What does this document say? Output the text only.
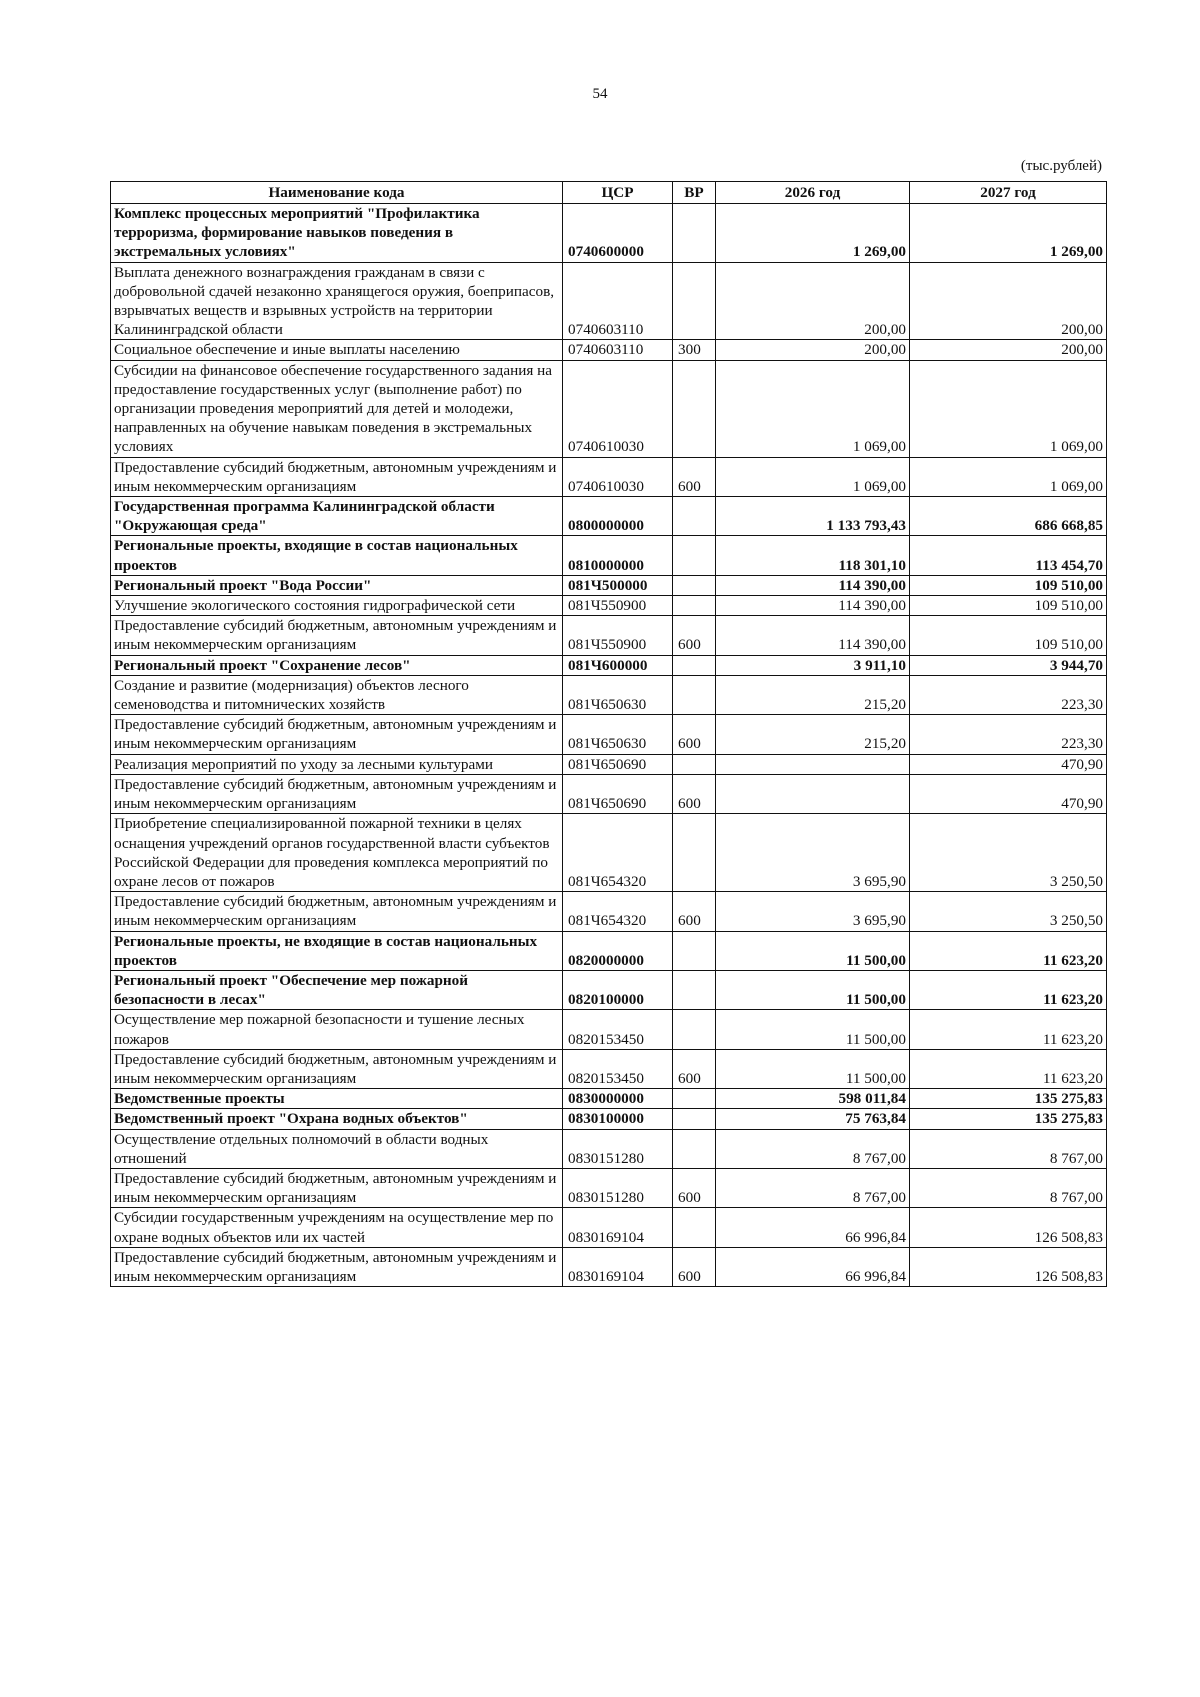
54
(тыс.рублей)
Наименование кода	ЦСР	ВР	2026 год	2027 год
Комплекс процессных мероприятий "Профилактика терроризма, формирование навыков поведения в экстремальных условиях"	0740600000		1 269,00	1 269,00
Выплата денежного вознаграждения гражданам в связи с добровольной сдачей незаконно хранящегося оружия, боеприпасов, взрывчатых веществ и взрывных устройств на территории Калининградской области	0740603110		200,00	200,00
Социальное обеспечение и иные выплаты населению	0740603110	300	200,00	200,00
Субсидии на финансовое обеспечение государственного задания на предоставление государственных услуг (выполнение работ) по организации проведения мероприятий для детей и молодежи, направленных на обучение навыкам поведения в экстремальных условиях	0740610030		1 069,00	1 069,00
Предоставление субсидий бюджетным, автономным учреждениям и иным некоммерческим организациям	0740610030	600	1 069,00	1 069,00
Государственная программа Калининградской области "Окружающая среда"	0800000000		1 133 793,43	686 668,85
Региональные проекты, входящие в состав национальных проектов	0810000000		118 301,10	113 454,70
Региональный проект "Вода России"	081Ч500000		114 390,00	109 510,00
Улучшение экологического состояния гидрографической сети	081Ч550900		114 390,00	109 510,00
Предоставление субсидий бюджетным, автономным учреждениям и иным некоммерческим организациям	081Ч550900	600	114 390,00	109 510,00
Региональный проект "Сохранение лесов"	081Ч600000		3 911,10	3 944,70
Создание и развитие (модернизация) объектов лесного семеноводства и питомнических хозяйств	081Ч650630		215,20	223,30
Предоставление субсидий бюджетным, автономным учреждениям и иным некоммерческим организациям	081Ч650630	600	215,20	223,30
Реализация мероприятий по уходу за лесными культурами	081Ч650690			470,90
Предоставление субсидий бюджетным, автономным учреждениям и иным некоммерческим организациям	081Ч650690	600		470,90
Приобретение специализированной пожарной техники в целях оснащения учреждений органов государственной власти субъектов Российской Федерации для проведения комплекса мероприятий по охране лесов от пожаров	081Ч654320		3 695,90	3 250,50
Предоставление субсидий бюджетным, автономным учреждениям и иным некоммерческим организациям	081Ч654320	600	3 695,90	3 250,50
Региональные проекты, не входящие в состав национальных проектов	0820000000		11 500,00	11 623,20
Региональный проект "Обеспечение мер пожарной безопасности в лесах"	0820100000		11 500,00	11 623,20
Осуществление мер пожарной безопасности и тушение лесных пожаров	0820153450		11 500,00	11 623,20
Предоставление субсидий бюджетным, автономным учреждениям и иным некоммерческим организациям	0820153450	600	11 500,00	11 623,20
Ведомственные проекты	0830000000		598 011,84	135 275,83
Ведомственный проект "Охрана водных объектов"	0830100000		75 763,84	135 275,83
Осуществление отдельных полномочий в области водных отношений	0830151280		8 767,00	8 767,00
Предоставление субсидий бюджетным, автономным учреждениям и иным некоммерческим организациям	0830151280	600	8 767,00	8 767,00
Субсидии государственным учреждениям на осуществление мер по охране водных объектов или их частей	0830169104		66 996,84	126 508,83
Предоставление субсидий бюджетным, автономным учреждениям и иным некоммерческим организациям	0830169104	600	66 996,84	126 508,83
